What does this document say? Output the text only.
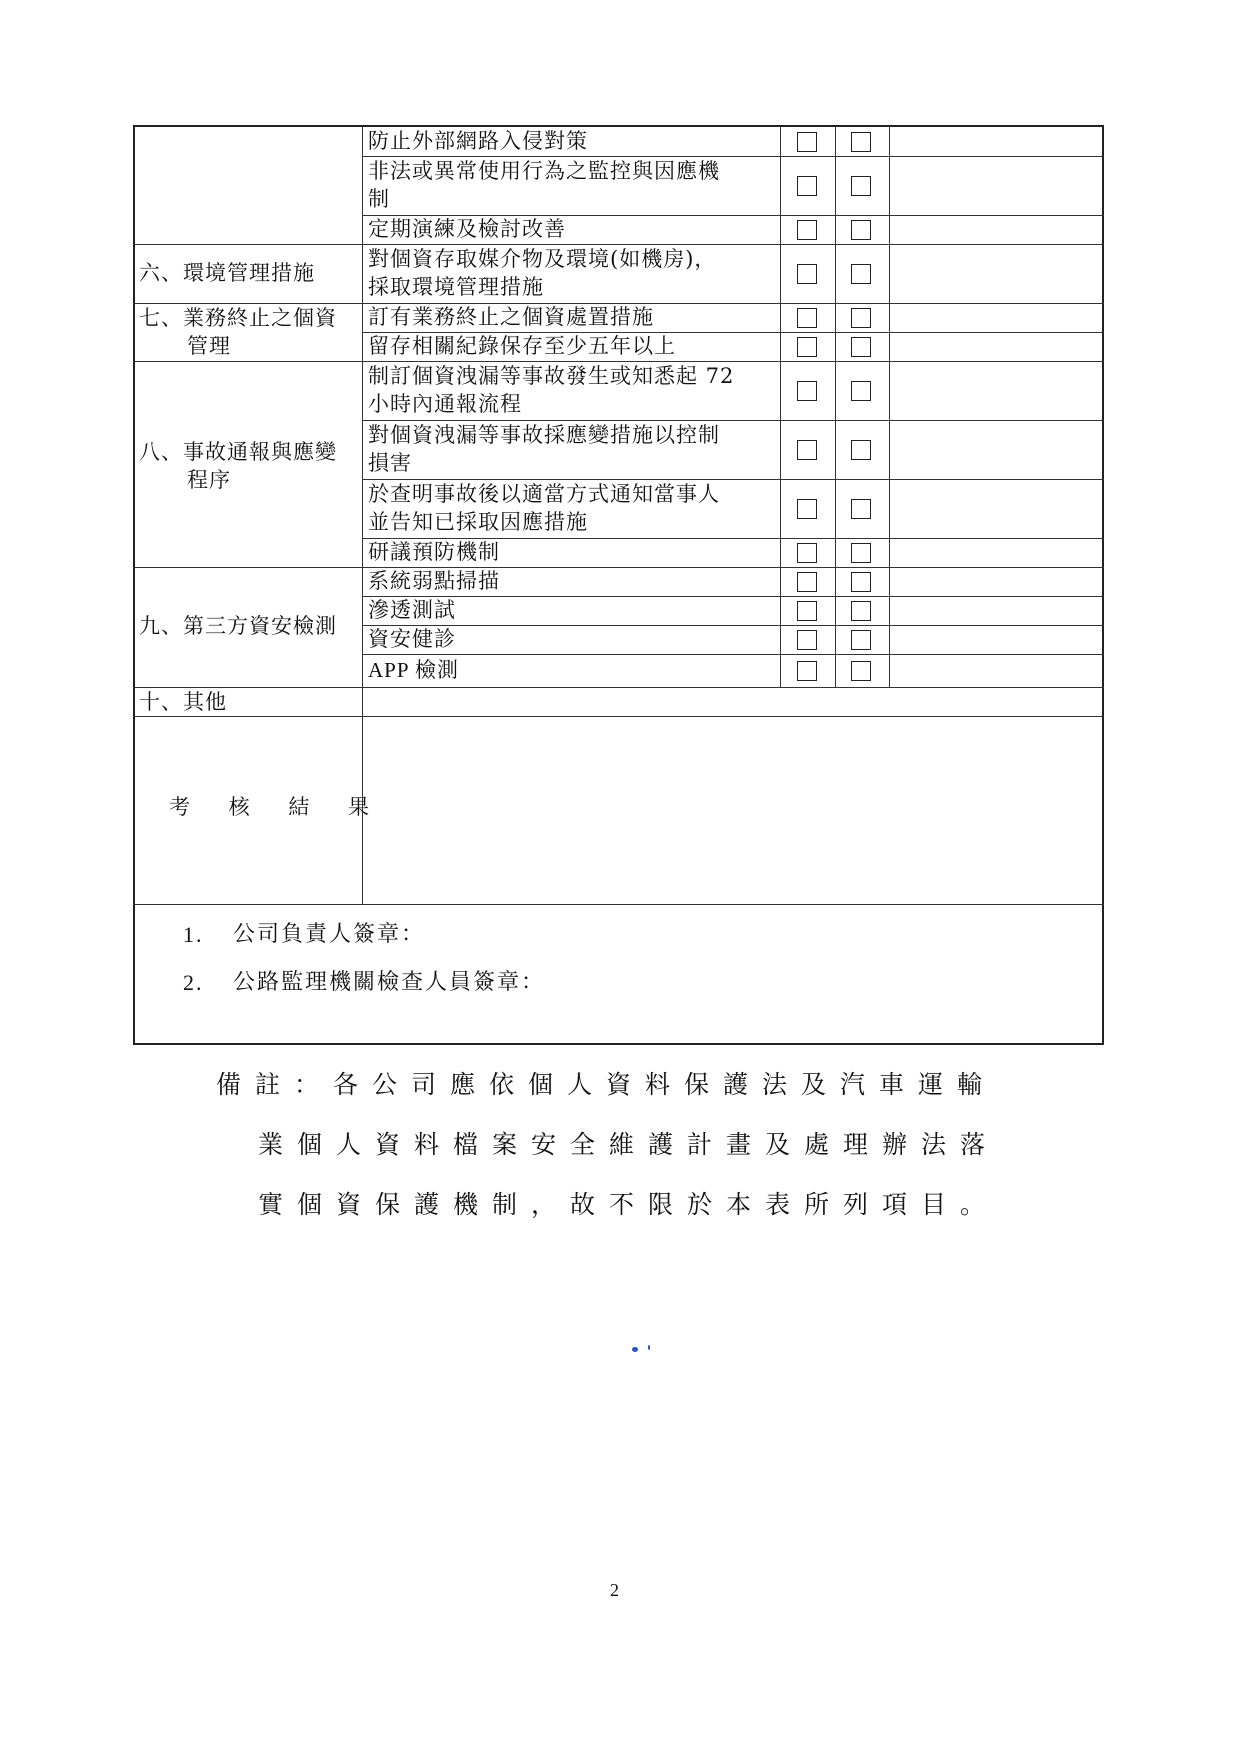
六、環境管理措施
七、業務終止之個資
管理
八、事故通報與應變
程序
九、第三方資安檢測
十、其他
考 核 結 果
防止外部網路入侵對策
非法或異常使用行為之監控與因應機
制
定期演練及檢討改善
對個資存取媒介物及環境(如機房)，
採取環境管理措施
訂有業務終止之個資處置措施
留存相關紀錄保存至少五年以上
制訂個資洩漏等事故發生或知悉起 72
小時內通報流程
對個資洩漏等事故採應變措施以控制
損害
於查明事故後以適當方式通知當事人
並告知已採取因應措施
研議預防機制
系統弱點掃描
滲透測試
資安健診
APP 檢測
1. 公司負責人簽章：
2. 公路監理機關檢查人員簽章：
備註：各公司應依個人資料保護法及汽車運輸
業個人資料檔案安全維護計畫及處理辦法落
實個資保護機制，故不限於本表所列項目。
2
